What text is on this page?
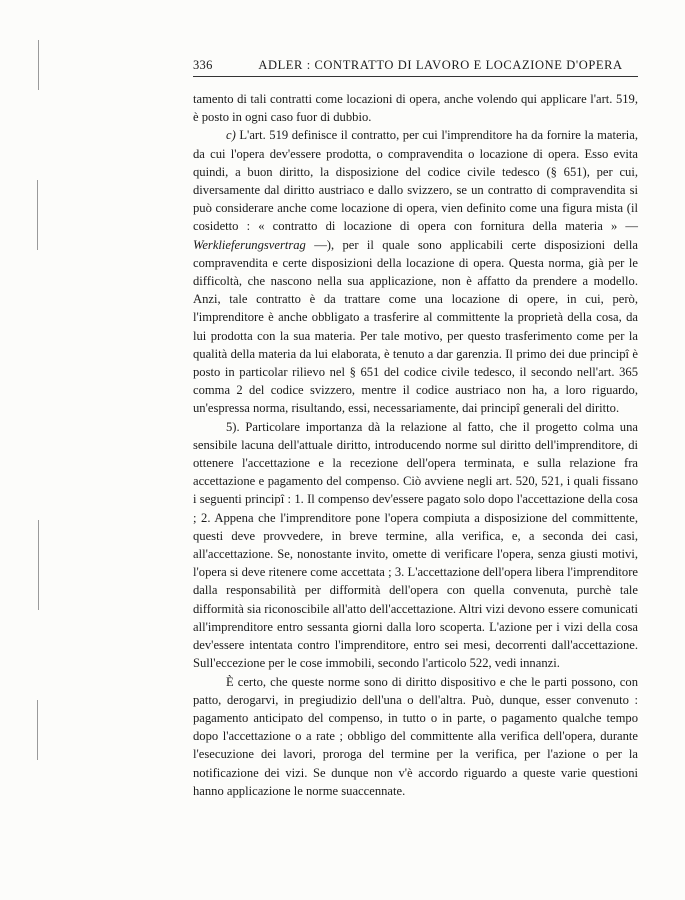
336	ADLER : CONTRATTO DI LAVORO E LOCAZIONE D'OPERA

tamento di tali contratti come locazioni di opera, anche volendo qui applicare l'art. 519, è posto in ogni caso fuor di dubbio.

c) L'art. 519 definisce il contratto, per cui l'imprenditore ha da fornire la materia, da cui l'opera dev'essere prodotta, o compravendita o locazione di opera. Esso evita quindi, a buon diritto, la disposizione del codice civile tedesco (§ 651), per cui, diversamente dal diritto austriaco e dallo svizzero, se un contratto di compravendita si può considerare anche come locazione di opera, vien definito come una figura mista (il cosidetto : « contratto di locazione di opera con fornitura della materia » — Werklieferungsvertrag —), per il quale sono applicabili certe disposizioni della compravendita e certe disposizioni della locazione di opera. Questa norma, già per le difficoltà, che nascono nella sua applicazione, non è affatto da prendere a modello. Anzi, tale contratto è da trattare come una locazione di opere, in cui, però, l'imprenditore è anche obbligato a trasferire al committente la proprietà della cosa, da lui prodotta con la sua materia. Per tale motivo, per questo trasferimento come per la qualità della materia da lui elaborata, è tenuto a dar garenzia. Il primo dei due principî è posto in particolar rilievo nel § 651 del codice civile tedesco, il secondo nell'art. 365 comma 2 del codice svizzero, mentre il codice austriaco non ha, a loro riguardo, un'espressa norma, risultando, essi, necessariamente, dai principî generali del diritto.

5). Particolare importanza dà la relazione al fatto, che il progetto colma una sensibile lacuna dell'attuale diritto, introducendo norme sul diritto dell'imprenditore, di ottenere l'accettazione e la recezione dell'opera terminata, e sulla relazione fra accettazione e pagamento del compenso. Ciò avviene negli art. 520, 521, i quali fissano i seguenti principî : 1. Il compenso dev'essere pagato solo dopo l'accettazione della cosa ; 2. Appena che l'imprenditore pone l'opera compiuta a disposizione del committente, questi deve provvedere, in breve termine, alla verifica, e, a seconda dei casi, all'accettazione. Se, nonostante invito, omette di verificare l'opera, senza giusti motivi, l'opera si deve ritenere come accettata ; 3. L'accettazione dell'opera libera l'imprenditore dalla responsabilità per difformità dell'opera con quella convenuta, purchè tale difformità sia riconoscibile all'atto dell'accettazione. Altri vizi devono essere comunicati all'imprenditore entro sessanta giorni dalla loro scoperta. L'azione per i vizi della cosa dev'essere intentata contro l'imprenditore, entro sei mesi, decorrenti dall'accettazione. Sull'eccezione per le cose immobili, secondo l'articolo 522, vedi innanzi.

È certo, che queste norme sono di diritto dispositivo e che le parti possono, con patto, derogarvi, in pregiudizio dell'una o dell'altra. Può, dunque, esser convenuto : pagamento anticipato del compenso, in tutto o in parte, o pagamento qualche tempo dopo l'accettazione o a rate ; obbligo del committente alla verifica dell'opera, durante l'esecuzione dei lavori, proroga del termine per la verifica, per l'azione o per la notificazione dei vizi. Se dunque non v'è accordo riguardo a queste varie questioni hanno applicazione le norme suaccennate.
